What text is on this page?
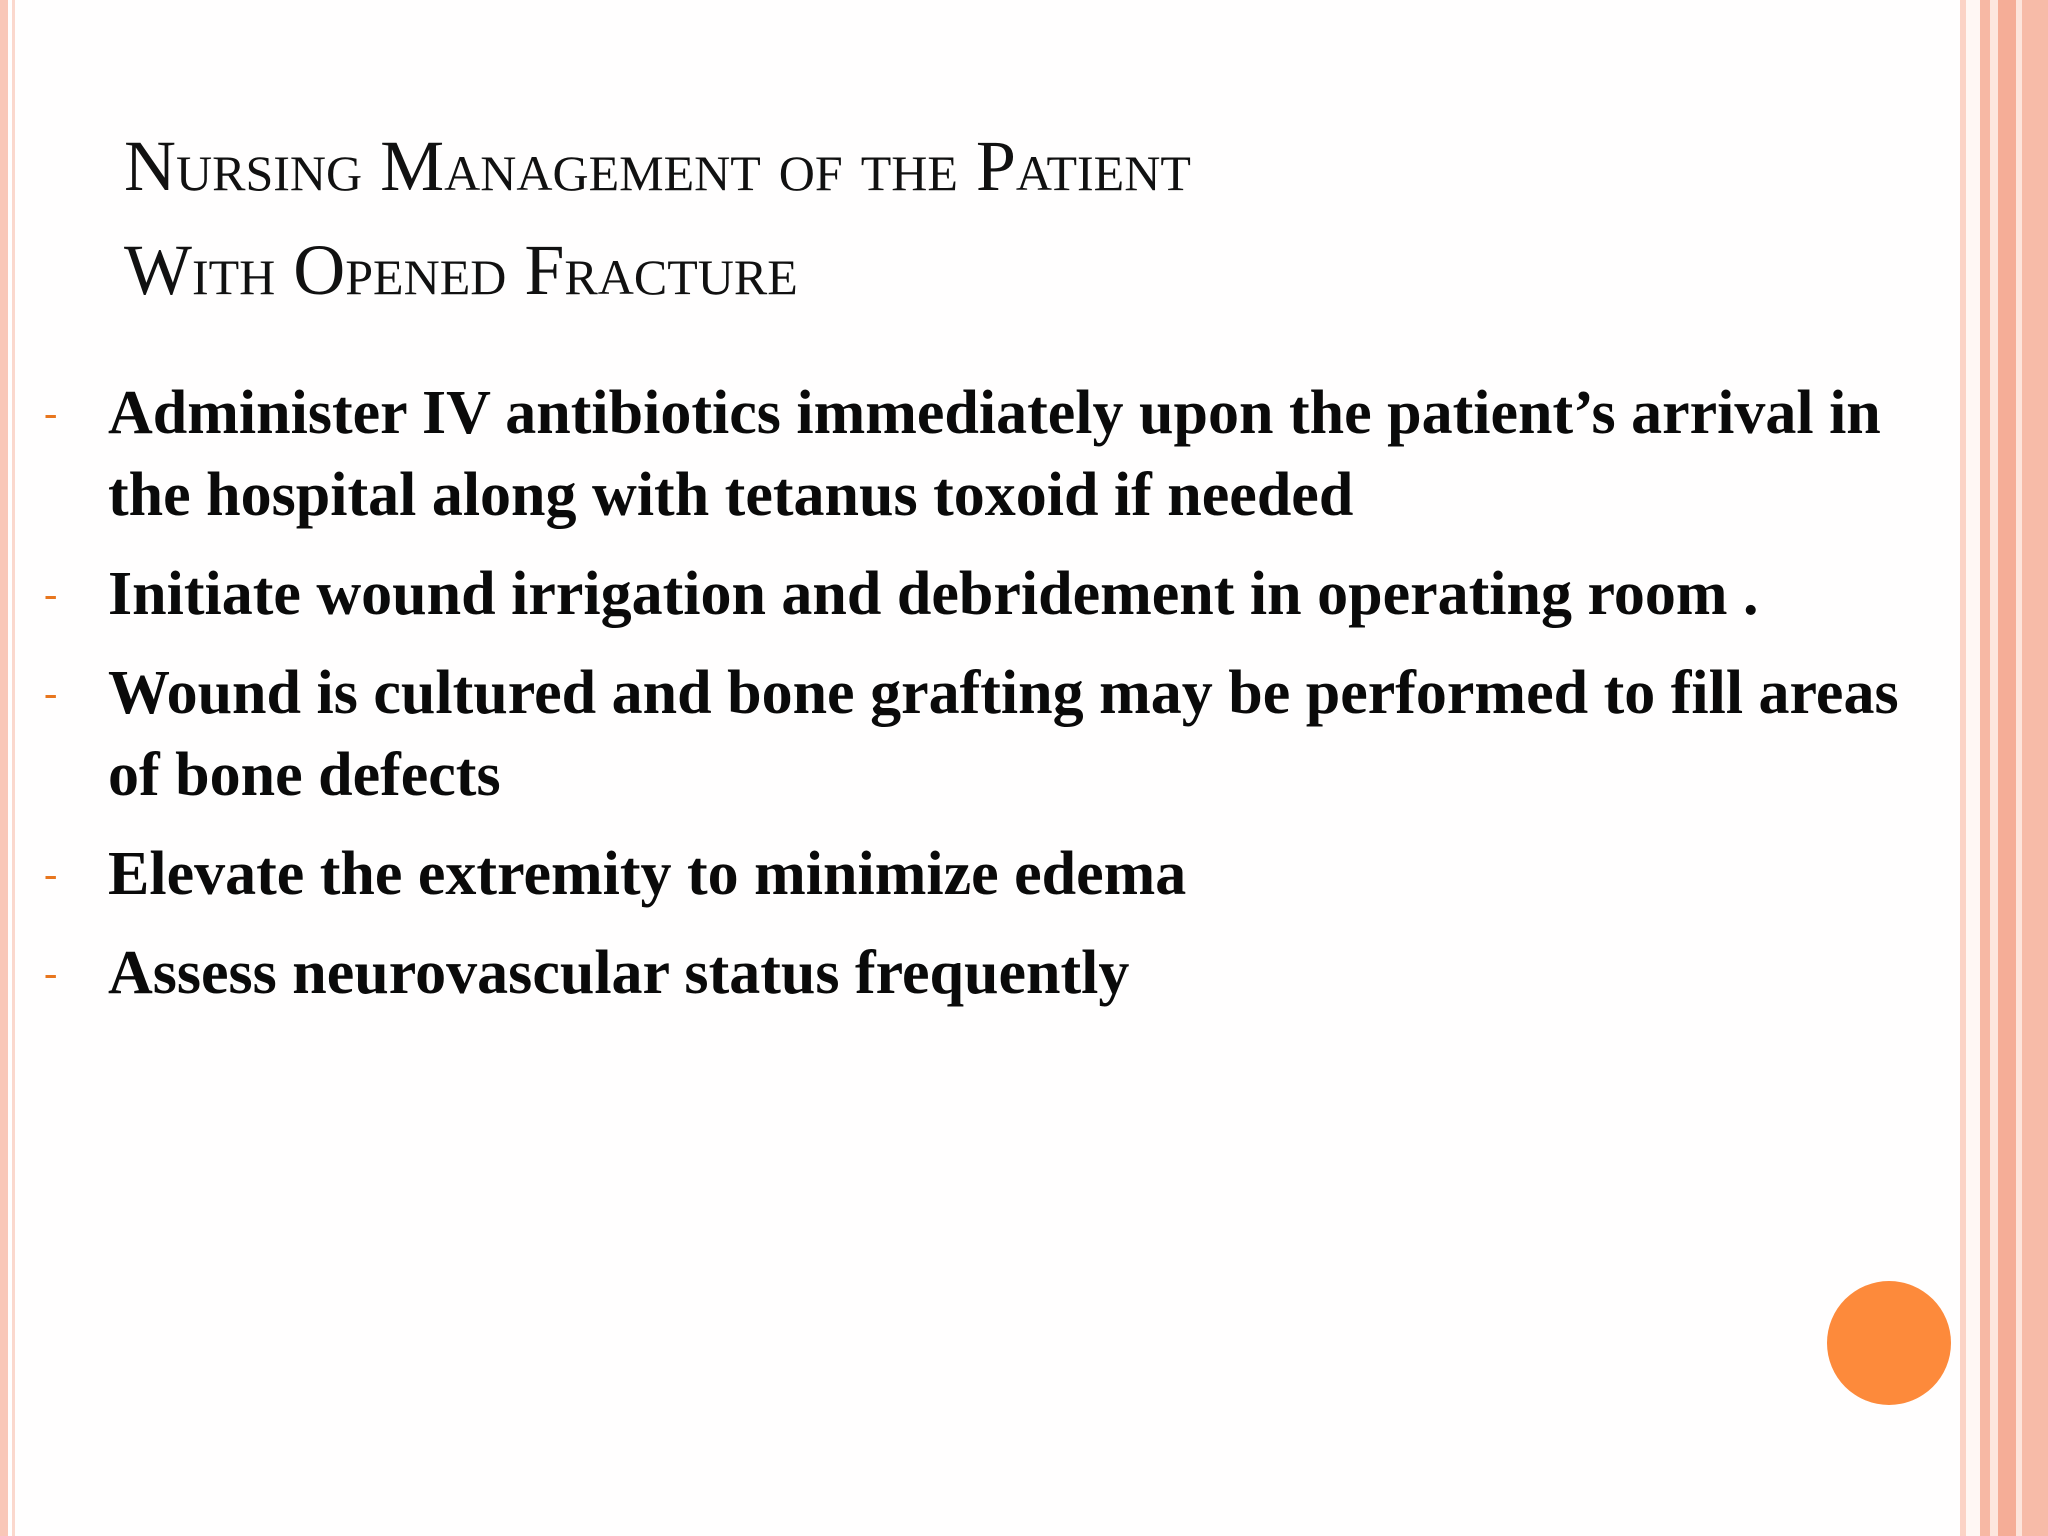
Nursing Management of the Patient
With Opened Fracture
- Administer IV antibiotics immediately upon the patient’s arrival in the hospital along with tetanus toxoid if needed
- Initiate wound irrigation and debridement in operating room .
- Wound is cultured and bone grafting may be performed to fill areas of bone defects
- Elevate the extremity to minimize edema
- Assess neurovascular status frequently
